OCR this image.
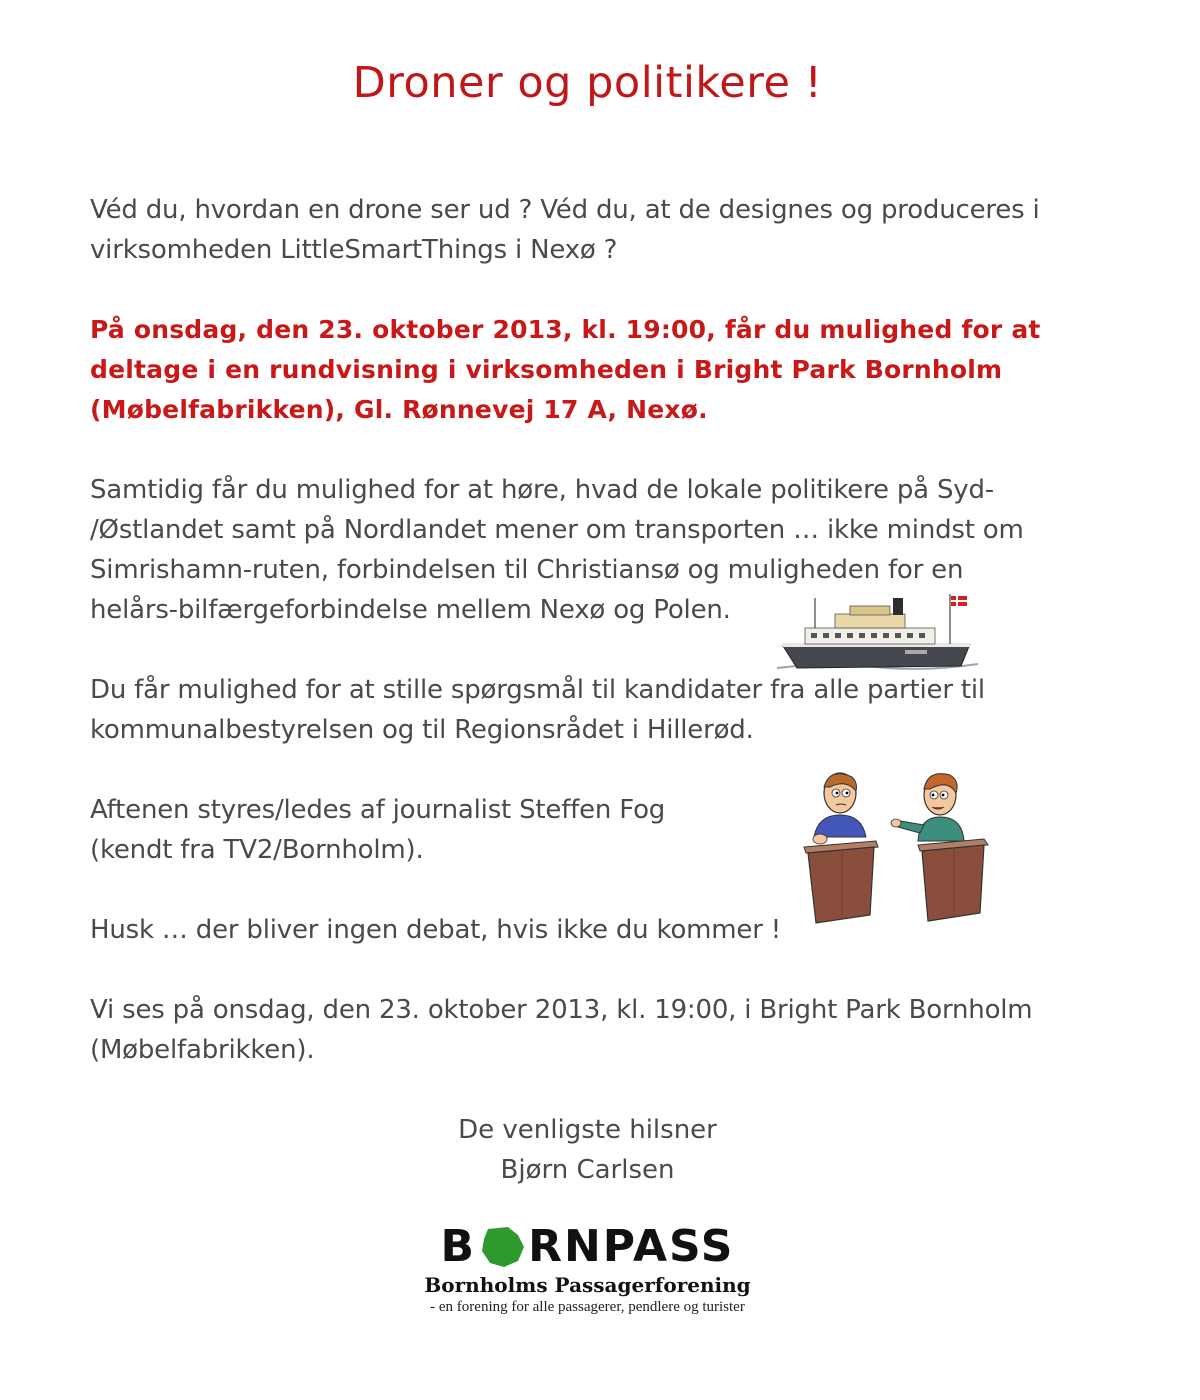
Droner og politikere !
Véd du, hvordan en drone ser ud ? Véd du, at de designes og produceres i
virksomheden LittleSmartThings i Nexø ?
På onsdag, den 23. oktober 2013, kl. 19:00, får du mulighed for at
deltage i en rundvisning i virksomheden i Bright Park Bornholm
(Møbelfabrikken), Gl. Rønnevej 17 A, Nexø.
Samtidig får du mulighed for at høre, hvad de lokale politikere på Syd-
/Østlandet samt på Nordlandet mener om transporten … ikke mindst om
Simrishamn-ruten, forbindelsen til Christiansø og muligheden for en
helårs-bilfærgeforbindelse mellem Nexø og Polen.
Du får mulighed for at stille spørgsmål til kandidater fra alle partier til
kommunalbestyrelsen og til Regionsrådet i Hillerød.
Aftenen styres/ledes af journalist Steffen Fog
(kendt fra TV2/Bornholm).
Husk … der bliver ingen debat, hvis ikke du kommer !
Vi ses på onsdag, den 23. oktober 2013, kl. 19:00, i Bright Park Bornholm
(Møbelfabrikken).
De venligste hilsner
Bjørn Carlsen
B RNPASS
Bornholms Passagerforening
- en forening for alle passagerer, pendlere og turister
